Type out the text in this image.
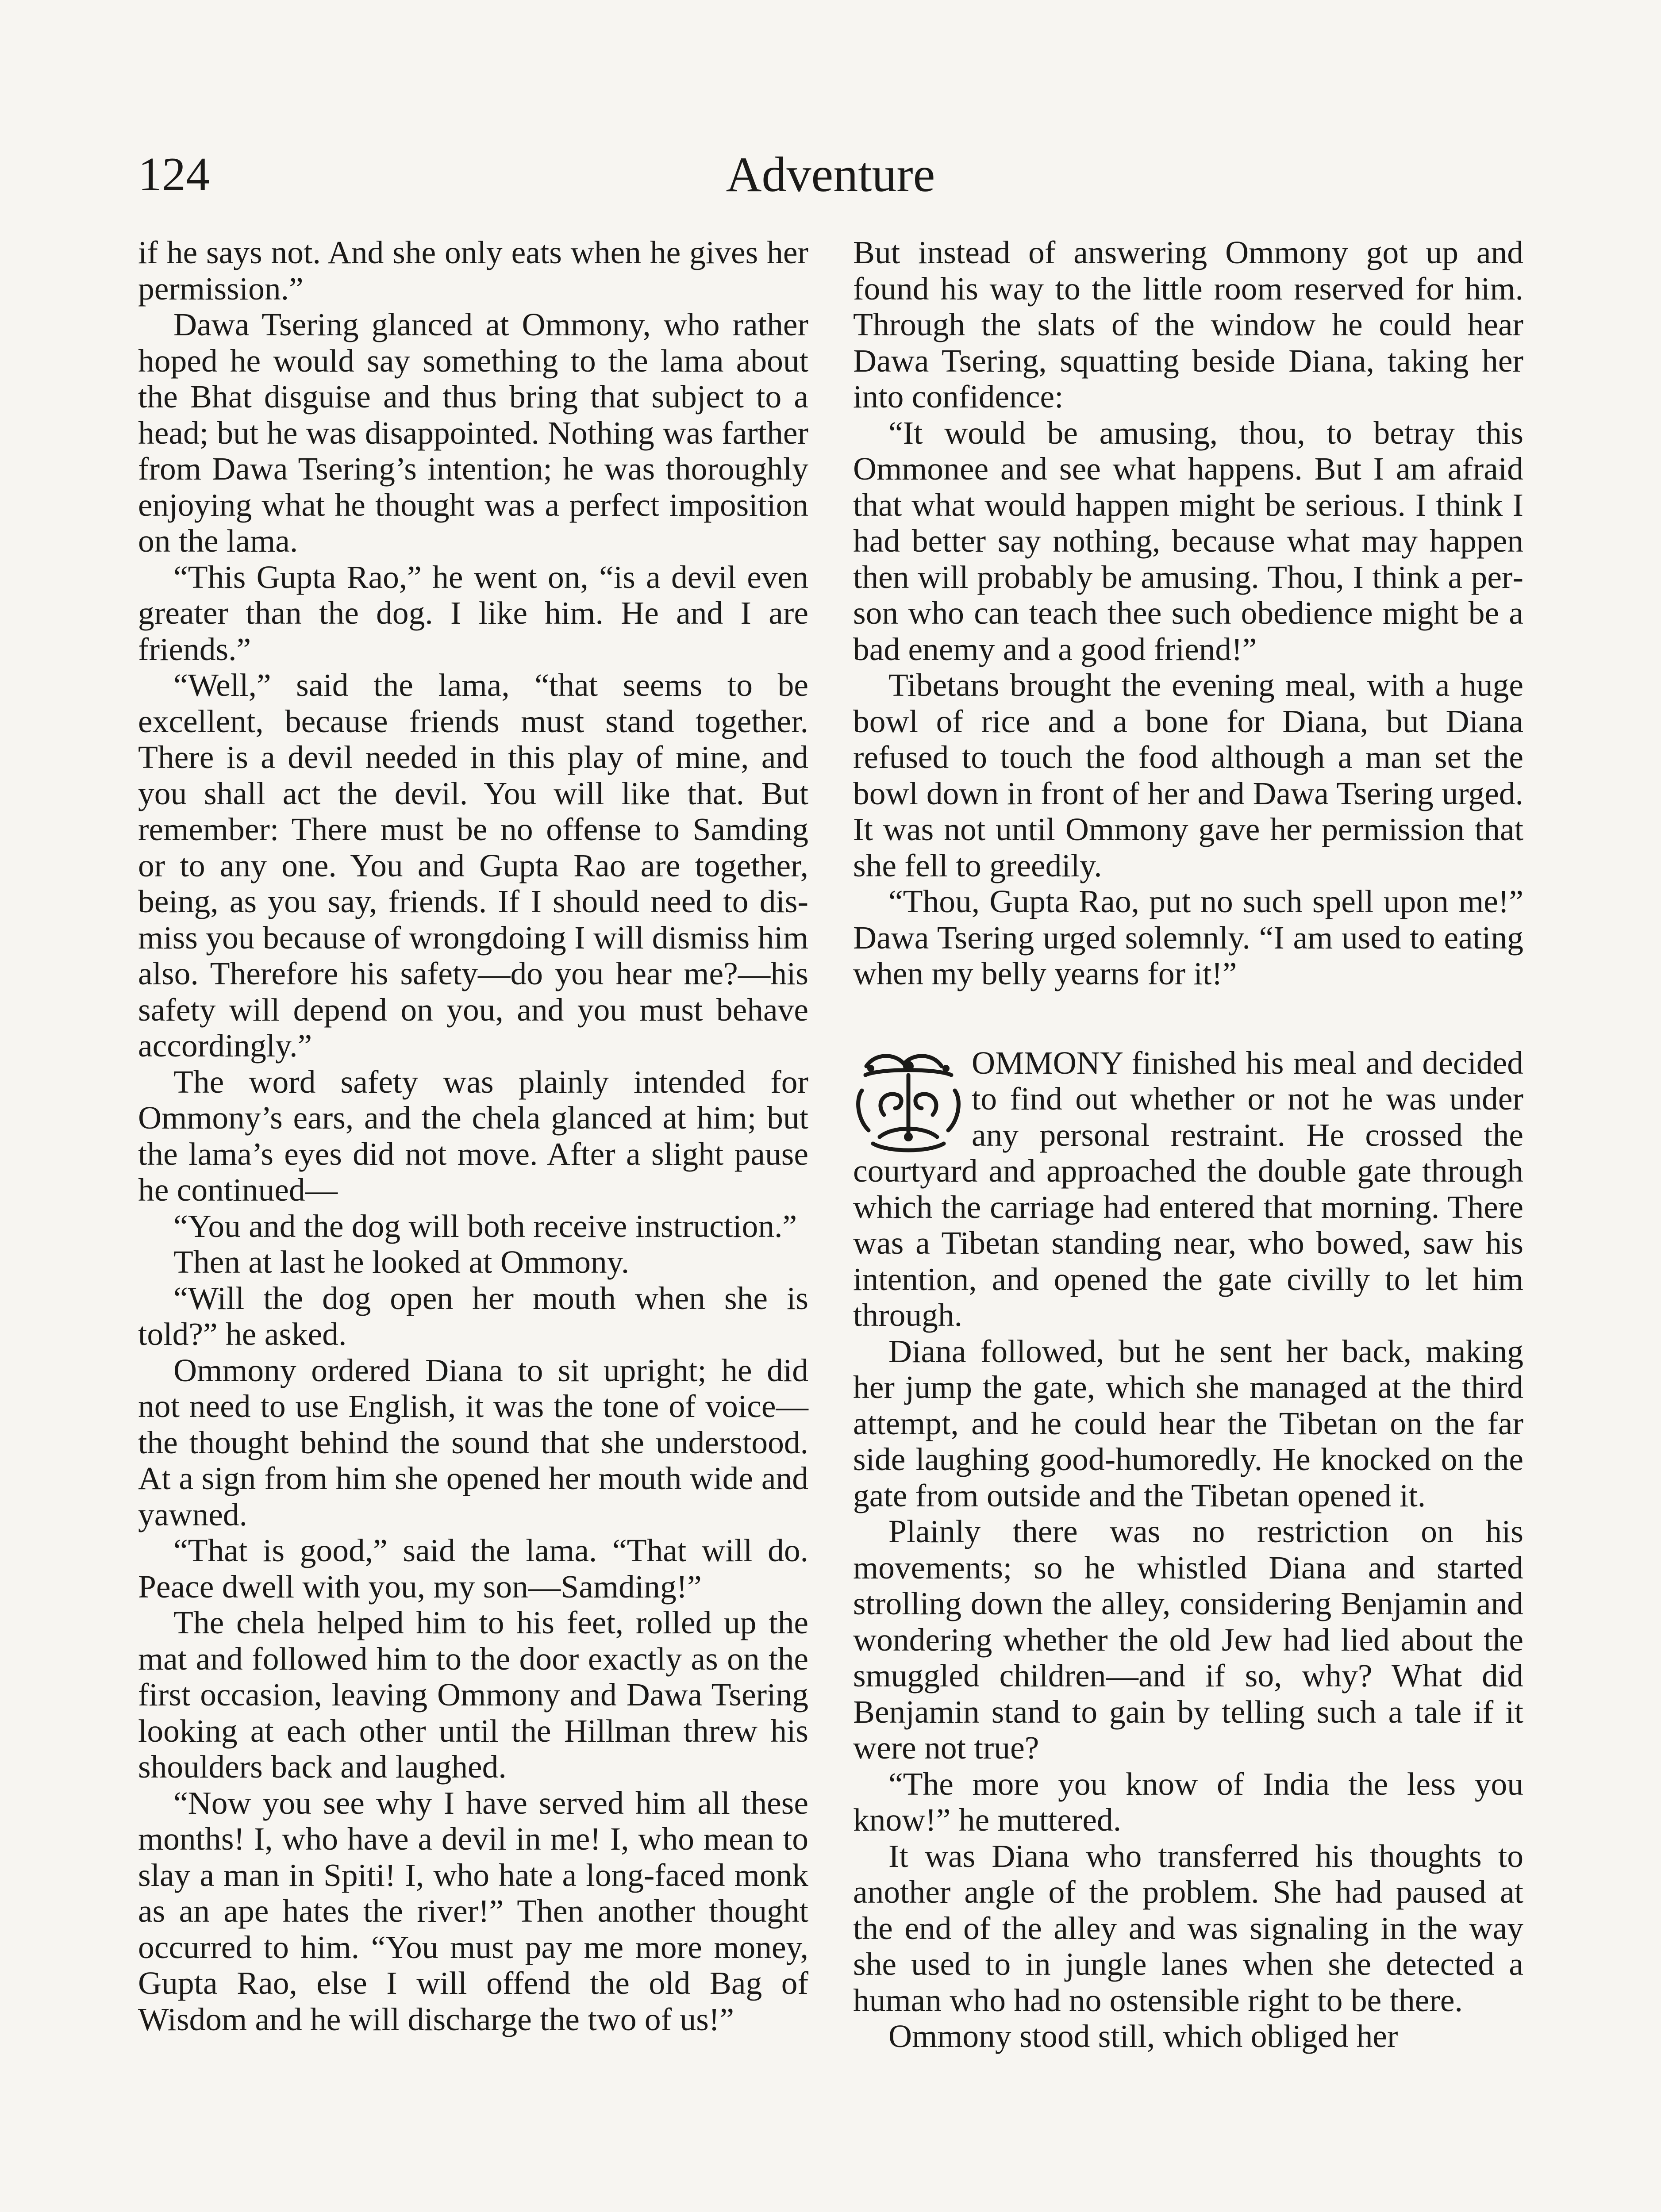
124	Adventure

if he says not. And she only eats when he gives her permission.”

Dawa Tsering glanced at Ommony, who rather hoped he would say something to the lama about the Bhat disguise and thus bring that subject to a head; but he was disappointed. Nothing was farther from Dawa Tsering’s intention; he was thoroughly enjoying what he thought was a perfect imposition on the lama.

“This Gupta Rao,” he went on, “is a devil even greater than the dog. I like him. He and I are friends.”

“Well,” said the lama, “that seems to be excellent, because friends must stand together. There is a devil needed in this play of mine, and you shall act the devil. You will like that. But remember: There must be no offense to Samding or to any one. You and Gupta Rao are together, being, as you say, friends. If I should need to dismiss you because of wrongdoing I will dismiss him also. Therefore his safety—do you hear me?—his safety will depend on you, and you must behave accordingly.”

The word safety was plainly intended for Ommony’s ears, and the chela glanced at him; but the lama’s eyes did not move. After a slight pause he continued—

“You and the dog will both receive instruction.”

Then at last he looked at Ommony.

“Will the dog open her mouth when she is told?” he asked.

Ommony ordered Diana to sit upright; he did not need to use English, it was the tone of voice—the thought behind the sound that she understood. At a sign from him she opened her mouth wide and yawned.

“That is good,” said the lama. “That will do. Peace dwell with you, my son—Samding!”

The chela helped him to his feet, rolled up the mat and followed him to the door exactly as on the first occasion, leaving Ommony and Dawa Tsering looking at each other until the Hillman threw his shoulders back and laughed.

“Now you see why I have served him all these months! I, who have a devil in me! I, who mean to slay a man in Spiti! I, who hate a long-faced monk as an ape hates the river!” Then another thought occurred to him. “You must pay me more money, Gupta Rao, else I will offend the old Bag of Wisdom and he will discharge the two of us!”

But instead of answering Ommony got up and found his way to the little room reserved for him. Through the slats of the window he could hear Dawa Tsering, squatting beside Diana, taking her into confidence:

“It would be amusing, thou, to betray this Ommonee and see what happens. But I am afraid that what would happen might be serious. I think I had better say nothing, because what may happen then will probably be amusing. Thou, I think a person who can teach thee such obedience might be a bad enemy and a good friend!”

Tibetans brought the evening meal, with a huge bowl of rice and a bone for Diana, but Diana refused to touch the food although a man set the bowl down in front of her and Dawa Tsering urged. It was not until Ommony gave her permission that she fell to greedily.

“Thou, Gupta Rao, put no such spell upon me!” Dawa Tsering urged solemnly. “I am used to eating when my belly yearns for it!”

OMMONY finished his meal and decided to find out whether or not he was under any personal restraint. He crossed the courtyard and approached the double gate through which the carriage had entered that morning. There was a Tibetan standing near, who bowed, saw his intention, and opened the gate civilly to let him through.

Diana followed, but he sent her back, making her jump the gate, which she managed at the third attempt, and he could hear the Tibetan on the far side laughing good-humoredly. He knocked on the gate from outside and the Tibetan opened it.

Plainly there was no restriction on his movements; so he whistled Diana and started strolling down the alley, considering Benjamin and wondering whether the old Jew had lied about the smuggled children—and if so, why? What did Benjamin stand to gain by telling such a tale if it were not true?

“The more you know of India the less you know!” he muttered.

It was Diana who transferred his thoughts to another angle of the problem. She had paused at the end of the alley and was signaling in the way she used to in jungle lanes when she detected a human who had no ostensible right to be there.

Ommony stood still, which obliged her
